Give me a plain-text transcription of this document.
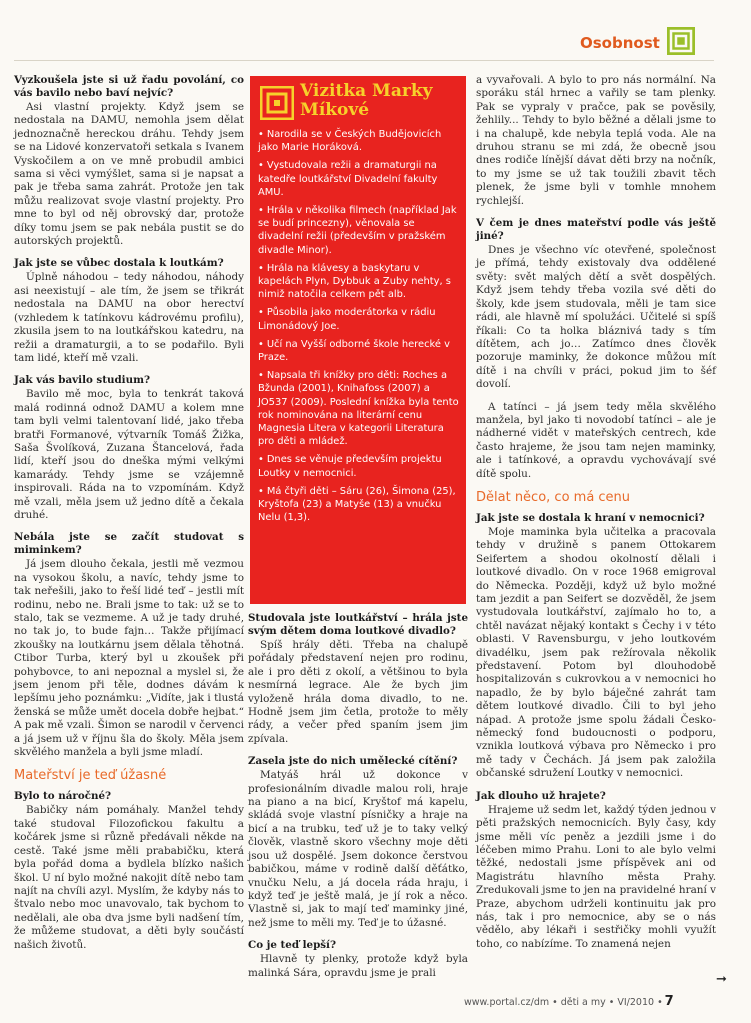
Osobnost
Vyzkoušela jste si už řadu povolání, co vás bavilo nebo baví nejvíc?

Asi vlastní projekty. Když jsem se nedostala na DAMU, nemohla jsem dělat jednoznačně hereckou dráhu. Tehdy jsem se na Lidové konzervatoři setkala s Ivanem Vyskočilem a on ve mně probudil ambici sama si věci vymýšlet, sama si je napsat a pak je třeba sama zahrát. Protože jen tak můžu realizovat svoje vlastní projekty. Pro mne to byl od něj obrovský dar, protože díky tomu jsem se pak nebála pustit se do autorských projektů.

Jak jste se vůbec dostala k loutkám?

Úplně náhodou – tedy náhodou, náhody asi neexistují – ale tím, že jsem se třikrát nedostala na DAMU na obor herectví (vzhledem k tatínkovu kádrovému profilu), zkusila jsem to na loutkářskou katedru, na režii a dramaturgii, a to se podařilo. Byli tam lidé, kteří mě vzali.

Jak vás bavilo studium?

Bavilo mě moc, byla to tenkrát taková malá rodinná odnož DAMU a kolem mne tam byli velmi talentovaní lidé, jako třeba bratři Formanové, výtvarník Tomáš Žižka, Saša Švolíková, Zuzana Štancelová, řada lidí, kteří jsou do dneška mými velkými kamarády. Tehdy jsme se vzájemně inspirovali. Ráda na to vzpomínám. Když mě vzali, měla jsem už jedno dítě a čekala druhé.

Nebála jste se začít studovat s miminkem?

Já jsem dlouho čekala, jestli mě vezmou na vysokou školu, a navíc, tehdy jsme to tak neřešili, jako to řeší lidé teď – jestli mít rodinu, nebo ne. Brali jsme to tak: už se to stalo, tak se vezmeme. A už je tady druhé, no tak jo, to bude fajn… Takže přijímací zkoušky na loutkárnu jsem dělala těhotná. Ctibor Turba, který byl u zkoušek při pohybovce, to ani nepoznal a myslel si, že jsem jenom při těle, dodnes dávám k lepšímu jeho poznámku: „Vidíte, jak i tlustá ženská se může umět docela dobře hejbat.“ A pak mě vzali. Šimon se narodil v červenci a já jsem už v říjnu šla do školy. Měla jsem skvělého manžela a byli jsme mladí.

Mateřství je teď úžasné
Bylo to náročné?

Babičky nám pomáhaly. Manžel tehdy také studoval Filozofickou fakultu a kočárek jsme si různě předávali někde na cestě. Také jsme měli prababičku, která byla pořád doma a bydlela blízko našich škol. U ní bylo možné nakojit dítě nebo tam najít na chvíli azyl. Myslím, že kdyby nás to štvalo nebo moc unavovalo, tak bychom to nedělali, ale oba dva jsme byli nadšení tím, že můžeme studovat, a děti byly součástí našich životů.

Vizitka Marky Míkové
• Narodila se v Českých Budějovicích jako Marie Horáková.
• Vystudovala režii a dramaturgii na katedře loutkářství Divadelní fakulty AMU.
• Hrála v několika filmech (například Jak se budí princezny), věnovala se divadelní režii (především v pražském divadle Minor).
• Hrála na klávesy a baskytaru v kapelách Plyn, Dybbuk a Zuby nehty, s nimiž natočila celkem pět alb.
• Působila jako moderátorka v rádiu Limonádový Joe.
• Učí na Vyšší odborné škole herecké v Praze.
• Napsala tři knížky pro děti: Roches a Bžunda (2001), Knihafoss (2007) a JO537 (2009). Poslední knížka byla tento rok nominována na literární cenu Magnesia Litera v kategorii Literatura pro děti a mládež.
• Dnes se věnuje především projektu Loutky v nemocnici.
• Má čtyři děti – Sáru (26), Šimona (25), Kryštofa (23) a Matyše (13) a vnučku Nelu (1,3).
Studovala jste loutkářství – hrála jste svým dětem doma loutkové divadlo?

Spíš hrály děti. Třeba na chalupě pořádaly představení nejen pro rodinu, ale i pro děti z okolí, a většinou to byla nesmírná legrace. Ale že bych jim vyloženě hrála doma divadlo, to ne. Hodně jsem jim četla, protože to měly rády, a večer před spaním jsem jim zpívala.

Zasela jste do nich umělecké cítění?

Matyáš hrál už dokonce v profesionálním divadle malou roli, hraje na piano a na bicí, Kryštof má kapelu, skládá svoje vlastní písničky a hraje na bicí a na trubku, teď už je to taky velký člověk, vlastně skoro všechny moje děti jsou už dospělé. Jsem dokonce čerstvou babičkou, máme v rodině další děťátko, vnučku Nelu, a já docela ráda hraju, i když teď je ještě malá, je jí rok a něco. Vlastně si, jak to mají teď maminky jiné, než jsme to měli my. Teď je to úžasné.

Co je teď lepší?

Hlavně ty plenky, protože když byla malinká Sára, opravdu jsme je prali

a vyvařovali. A bylo to pro nás normální. Na sporáku stál hrnec a vařily se tam plenky. Pak se vypraly v pračce, pak se pověsily, žehlily... Tehdy to bylo běžné a dělali jsme to i na chalupě, kde nebyla teplá voda. Ale na druhou stranu se mi zdá, že obecně jsou dnes rodiče línější dávat děti brzy na nočník, to my jsme se už tak toužili zbavit těch plenek, že jsme byli v tomhle mnohem rychlejší.

V čem je dnes mateřství podle vás ještě jiné?

Dnes je všechno víc otevřené, společnost je přímá, tehdy existovaly dva oddělené světy: svět malých dětí a svět dospělých. Když jsem tehdy třeba vozila své děti do školy, kde jsem studovala, měli je tam sice rádi, ale hlavně mí spolužáci. Učitelé si spíš říkali: Co ta holka bláznivá tady s tím dítětem, ach jo… Zatímco dnes člověk pozoruje maminky, že dokonce můžou mít dítě i na chvíli v práci, pokud jim to šéf dovolí.

A tatínci – já jsem tedy měla skvělého manžela, byl jako ti novodobí tatínci – ale je nádherné vidět v mateřských centrech, kde často hrajeme, že jsou tam nejen maminky, ale i tatínkové, a opravdu vychovávají své dítě spolu.

Dělat něco, co má cenu
Jak jste se dostala k hraní v nemocnici?

Moje maminka byla učitelka a pracovala tehdy v družině s panem Ottokarem Seifertem a shodou okolností dělali i loutkové divadlo. On v roce 1968 emigroval do Německa. Později, když už bylo možné tam jezdit a pan Seifert se dozvěděl, že jsem vystudovala loutkářství, zajímalo ho to, a chtěl navázat nějaký kontakt s Čechy i v této oblasti. V Ravensburgu, v jeho loutkovém divadélku, jsem pak režírovala několik představení. Potom byl dlouhodobě hospitalizován s cukrovkou a v nemocnici ho napadlo, že by bylo báječné zahrát tam dětem loutkové divadlo. Čili to byl jeho nápad. A protože jsme spolu žádali Česko-německý fond budoucnosti o podporu, vznikla loutková výbava pro Německo i pro mě tady v Čechách. Já jsem pak založila občanské sdružení Loutky v nemocnici.

Jak dlouho už hrajete?

Hrajeme už sedm let, každý týden jednou v pěti pražských nemocnicích. Byly časy, kdy jsme měli víc peněz a jezdili jsme i do léčeben mimo Prahu. Loni to ale bylo velmi těžké, nedostali jsme příspěvek ani od Magistrátu hlavního města Prahy. Zredukovali jsme to jen na pravidelné hraní v Praze, abychom udrželi kontinuitu jak pro nás, tak i pro nemocnice, aby se o nás vědělo, aby lékaři i sestřičky mohli využít toho, co nabízíme. To znamená nejen

www.portal.cz/dm • děti a my • VI/2010 • 7
➞
